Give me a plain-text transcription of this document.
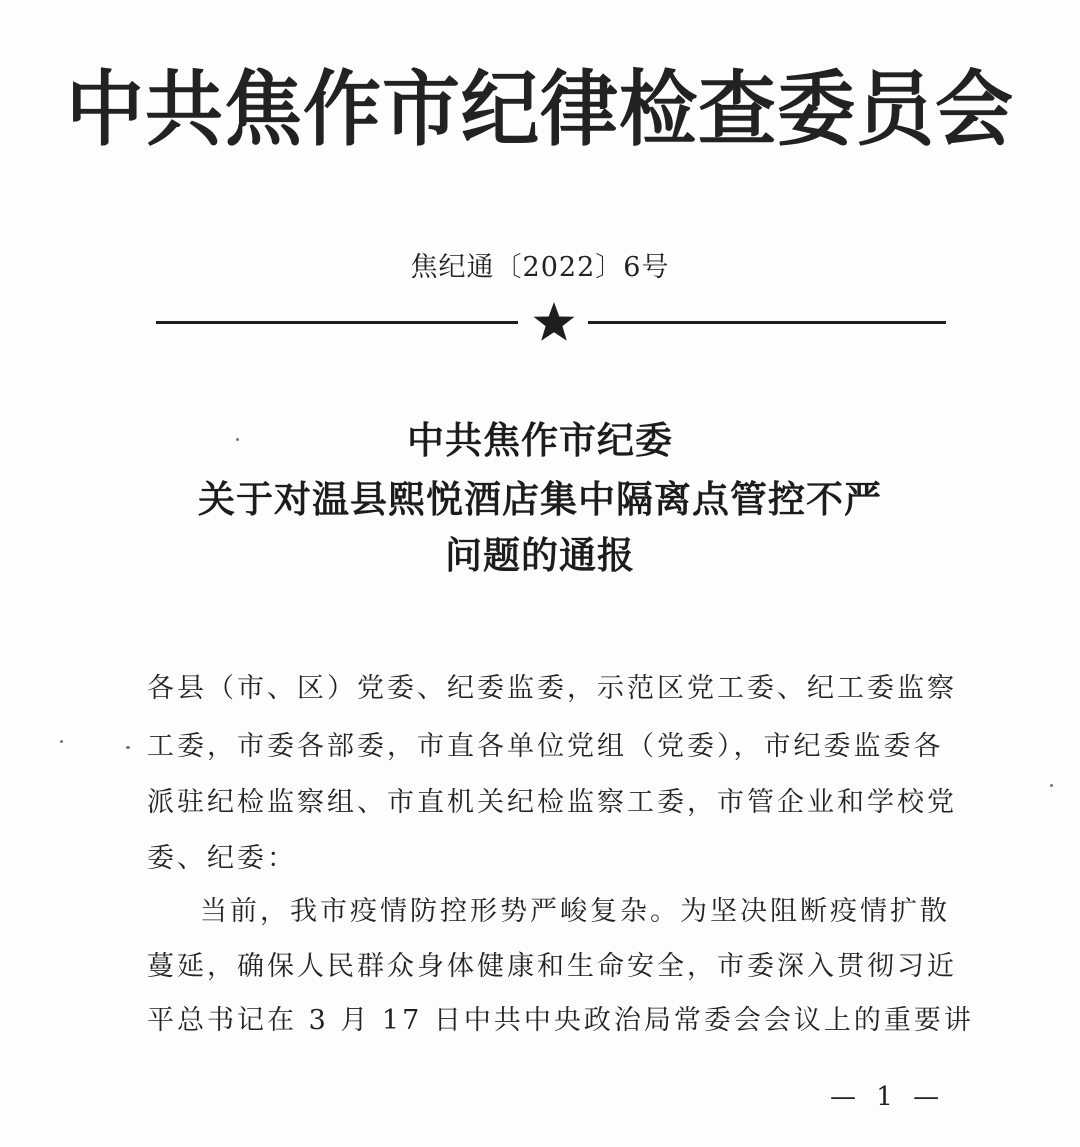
中共焦作市纪律检查委员会
焦纪通〔2022〕6号
中共焦作市纪委
关于对温县熙悦酒店集中隔离点管控不严
问题的通报
各县（市、区）党委、纪委监委，示范区党工委、纪工委监察
工委，市委各部委，市直各单位党组（党委），市纪委监委各
派驻纪检监察组、市直机关纪检监察工委，市管企业和学校党
委、纪委：
当前，我市疫情防控形势严峻复杂。为坚决阻断疫情扩散
蔓延，确保人民群众身体健康和生命安全，市委深入贯彻习近
平总书记在 3 月 17 日中共中央政治局常委会会议上的重要讲
— 1 —
